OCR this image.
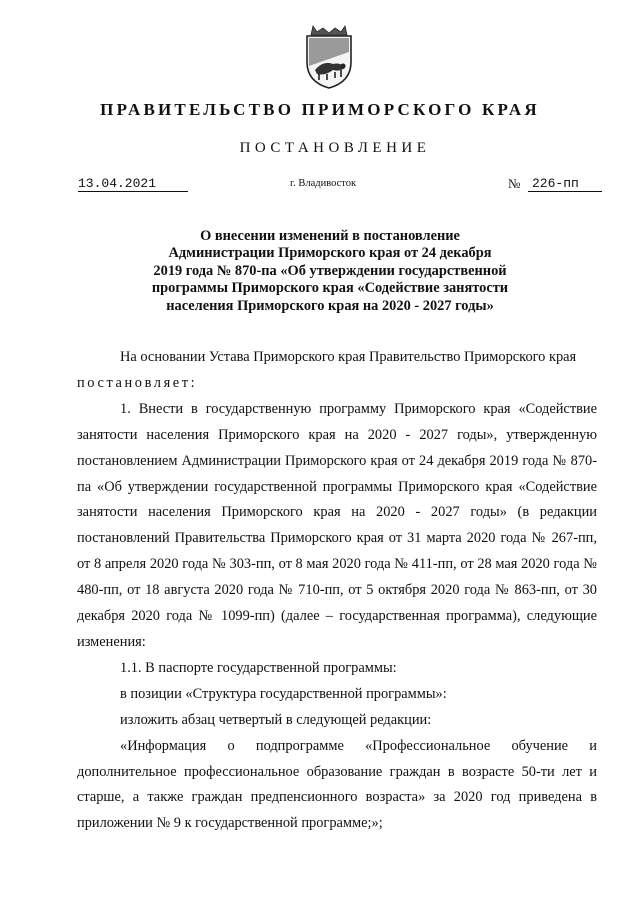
ПРАВИТЕЛЬСТВО ПРИМОРСКОГО КРАЯ
ПОСТАНОВЛЕНИЕ
13.04.2021	г. Владивосток	№ 226-пп
О внесении изменений в постановление
Администрации Приморского края от 24 декабря
2019 года № 870-па «Об утверждении государственной
программы Приморского края «Содействие занятости
населения Приморского края на 2020 - 2027 годы»

На основании Устава Приморского края Правительство Приморского края

постановляет:

1. Внести в государственную программу Приморского края «Содействие занятости населения Приморского края на 2020 - 2027 годы», утвержденную постановлением Администрации Приморского края от 24 декабря 2019 года № 870-па «Об утверждении государственной программы Приморского края «Содействие занятости населения Приморского края на 2020 - 2027 годы» (в редакции постановлений Правительства Приморского края от 31 марта 2020 года № 267-пп, от 8 апреля 2020 года № 303-пп, от 8 мая 2020 года № 411-пп, от 28 мая 2020 года № 480-пп, от 18 августа 2020 года № 710-пп, от 5 октября 2020 года № 863-пп, от 30 декабря 2020 года № 1099-пп) (далее – государственная программа), следующие изменения:

1.1. В паспорте государственной программы:

в позиции «Структура государственной программы»:

изложить абзац четвертый в следующей редакции:

«Информация о подпрограмме «Профессиональное обучение и дополнительное профессиональное образование граждан в возрасте 50-ти лет и старше, а также граждан предпенсионного возраста» за 2020 год приведена в приложении № 9 к государственной программе;»;
